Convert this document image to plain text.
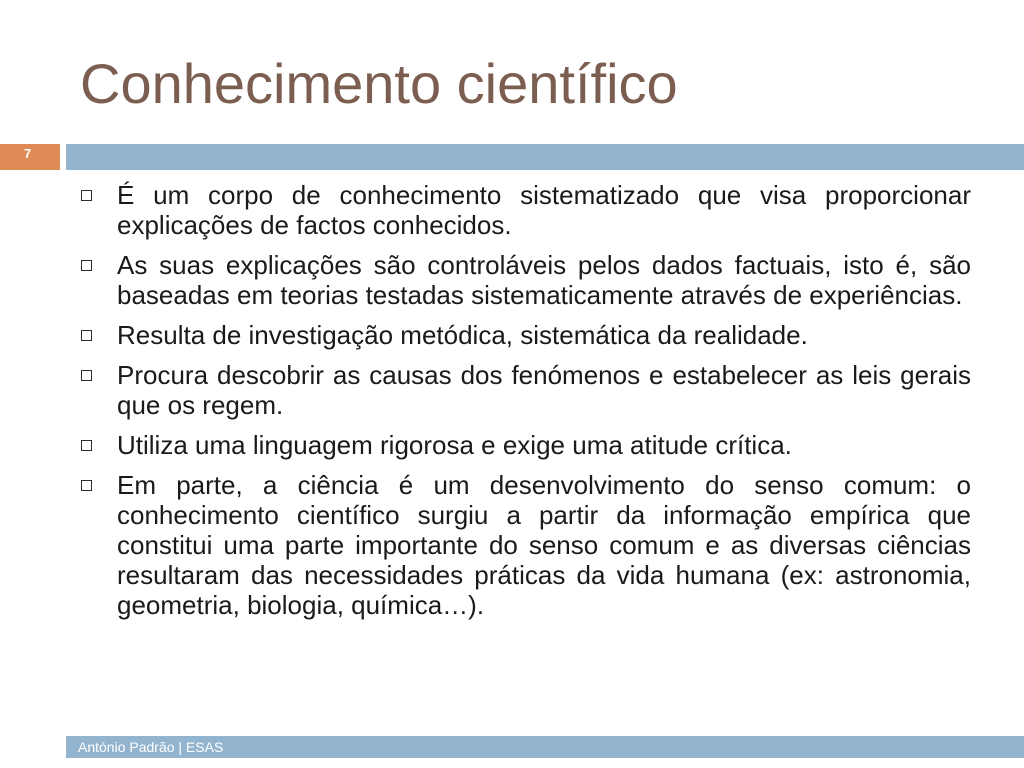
Conhecimento científico
7
É um corpo de conhecimento sistematizado que visa proporcionar explicações de factos conhecidos.
As suas explicações são controláveis pelos dados factuais, isto é, são baseadas em teorias testadas sistematicamente através de experiências.
Resulta de investigação metódica, sistemática da realidade.
Procura descobrir as causas dos fenómenos e estabelecer as leis gerais que os regem.
Utiliza uma linguagem rigorosa e exige uma atitude crítica.
Em parte, a ciência é um desenvolvimento do senso comum: o conhecimento científico surgiu a partir da informação empírica que constitui uma parte importante do senso comum e as diversas ciências resultaram das necessidades práticas da vida humana (ex: astronomia, geometria, biologia, química…).
António Padrão | ESAS
